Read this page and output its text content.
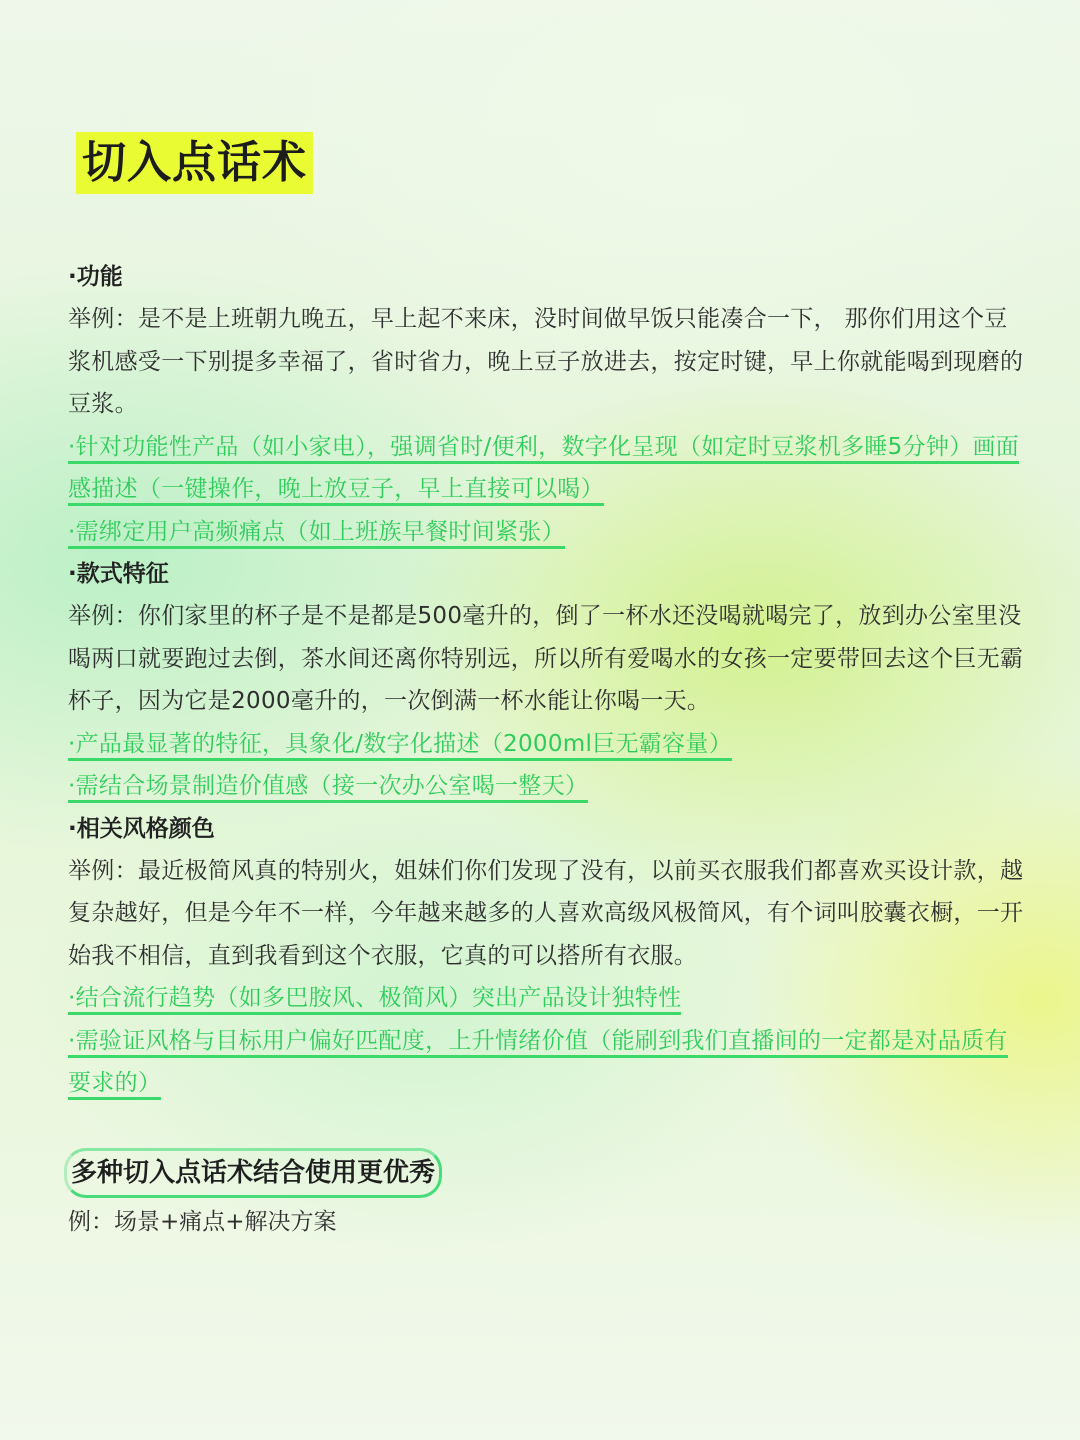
切入点话术
·功能
举例：是不是上班朝九晚五，早上起不来床，没时间做早饭只能凑合一下， 那你们用这个豆浆机感受一下别提多幸福了，省时省力，晚上豆子放进去，按定时键，早上你就能喝到现磨的豆浆。
·针对功能性产品（如小家电），强调省时/便利，数字化呈现（如定时豆浆机多睡5分钟）画面感描述（一键操作，晚上放豆子，早上直接可以喝）
·需绑定用户高频痛点（如上班族早餐时间紧张）
·款式特征
举例：你们家里的杯子是不是都是500毫升的，倒了一杯水还没喝就喝完了，放到办公室里没喝两口就要跑过去倒，茶水间还离你特别远，所以所有爱喝水的女孩一定要带回去这个巨无霸杯子，因为它是2000毫升的，一次倒满一杯水能让你喝一天。
·产品最显著的特征，具象化/数字化描述（2000ml巨无霸容量）
·需结合场景制造价值感（接一次办公室喝一整天）
·相关风格颜色
举例：最近极简风真的特别火，姐妹们你们发现了没有，以前买衣服我们都喜欢买设计款，越复杂越好，但是今年不一样，今年越来越多的人喜欢高级风极简风，有个词叫胶囊衣橱，一开始我不相信，直到我看到这个衣服，它真的可以搭所有衣服。
·结合流行趋势（如多巴胺风、极简风）突出产品设计独特性
·需验证风格与目标用户偏好匹配度，上升情绪价值（能刷到我们直播间的一定都是对品质有要求的）
多种切入点话术结合使用更优秀
例：场景+痛点+解决方案
